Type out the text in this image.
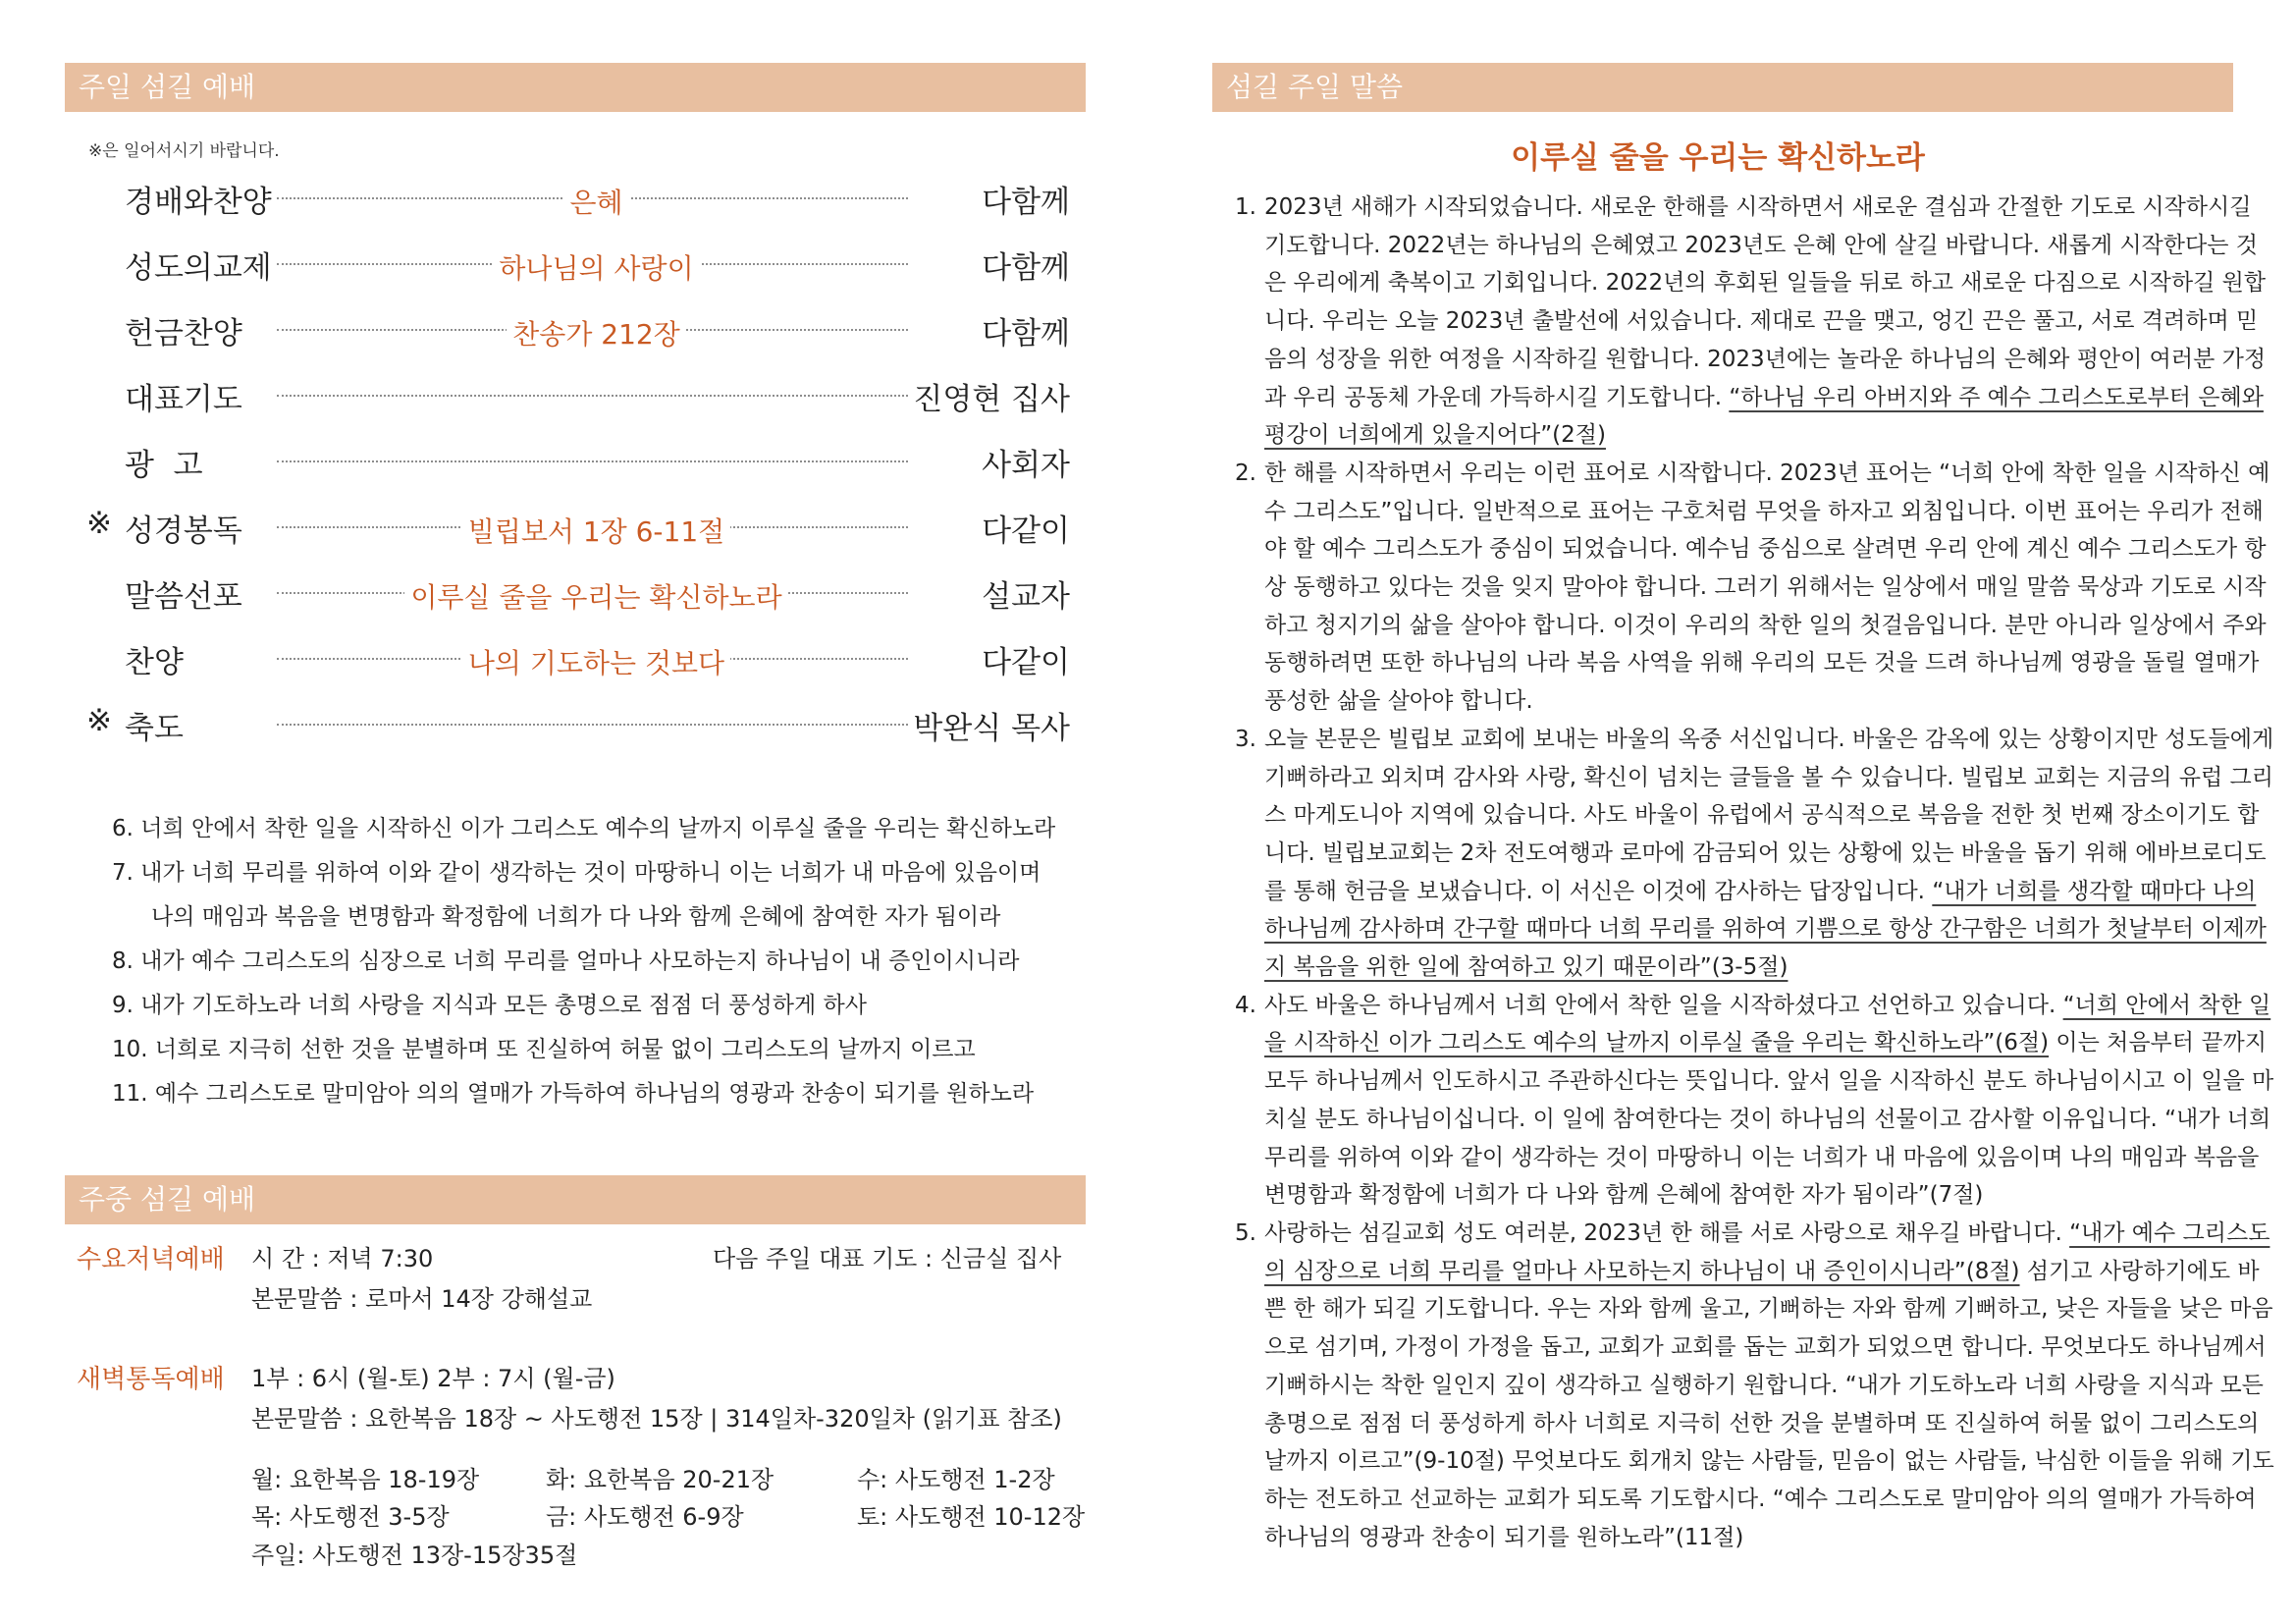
주일 섬길 예배
※은 일어서시기 바랍니다.
경배와찬양	은혜	다함께
성도의교제	하나님의 사랑이	다함께
헌금찬양	찬송가 212장	다함께
대표기도	진영현 집사
광  고	사회자
※ 성경봉독	빌립보서 1장 6-11절	다같이
말씀선포	이루실 줄을 우리는 확신하노라	설교자
찬양	나의 기도하는 것보다	다같이
※ 축도	박완식 목사
6. 너희 안에서 착한 일을 시작하신 이가 그리스도 예수의 날까지 이루실 줄을 우리는 확신하노라
7. 내가 너희 무리를 위하여 이와 같이 생각하는 것이 마땅하니 이는 너희가 내 마음에 있음이며
나의 매임과 복음을 변명함과 확정함에 너희가 다 나와 함께 은혜에 참여한 자가 됨이라
8. 내가 예수 그리스도의 심장으로 너희 무리를 얼마나 사모하는지 하나님이 내 증인이시니라
9. 내가 기도하노라 너희 사랑을 지식과 모든 총명으로 점점 더 풍성하게 하사
10. 너희로 지극히 선한 것을 분별하며 또 진실하여 허물 없이 그리스도의 날까지 이르고
11. 예수 그리스도로 말미암아 의의 열매가 가득하여 하나님의 영광과 찬송이 되기를 원하노라
주중 섬길 예배
수요저녁예배 시 간 : 저녁 7:30
본문말씀 : 로마서 14장 강해설교
다음 주일 대표 기도 : 신금실 집사
새벽통독예배 1부 : 6시 (월-토) 2부 : 7시 (월-금)
본문말씀 : 요한복음 18장 ~ 사도행전 15장 | 314일차-320일차 (읽기표 참조)
월: 요한복음 18-19장	화: 요한복음 20-21장	수: 사도행전 1-2장
목: 사도행전 3-5장	금: 사도행전 6-9장	토: 사도행전 10-12장
주일: 사도행전 13장-15장35절
섬길 주일 말씀
이루실 줄을 우리는 확신하노라
1. 2023년 새해가 시작되었습니다. 새로운 한해를 시작하면서 새로운 결심과 간절한 기도로 시작하시길 기도합니다. 2022년는 하나님의 은혜였고 2023년도 은혜 안에 살길 바랍니다. 새롭게 시작한다는 것은 우리에게 축복이고 기회입니다. 2022년의 후회된 일들을 뒤로 하고 새로운 다짐으로 시작하길 원합니다. 우리는 오늘 2023년 출발선에 서있습니다. 제대로 끈을 맺고, 엉긴 끈은 풀고, 서로 격려하며 믿음의 성장을 위한 여정을 시작하길 원합니다. 2023년에는 놀라운 하나님의 은혜와 평안이 여러분 가정과 우리 공동체 가운데 가득하시길 기도합니다. “하나님 우리 아버지와 주 예수 그리스도로부터 은혜와 평강이 너희에게 있을지어다”(2절)
2. 한 해를 시작하면서 우리는 이런 표어로 시작합니다. 2023년 표어는 “너희 안에 착한 일을 시작하신 예수 그리스도”입니다. 일반적으로 표어는 구호처럼 무엇을 하자고 외침입니다. 이번 표어는 우리가 전해야 할 예수 그리스도가 중심이 되었습니다. 예수님 중심으로 살려면 우리 안에 계신 예수 그리스도가 항상 동행하고 있다는 것을 잊지 말아야 합니다. 그러기 위해서는 일상에서 매일 말씀 묵상과 기도로 시작하고 청지기의 삶을 살아야 합니다. 이것이 우리의 착한 일의 첫걸음입니다. 분만 아니라 일상에서 주와 동행하려면 또한 하나님의 나라 복음 사역을 위해 우리의 모든 것을 드려 하나님께 영광을 돌릴 열매가 풍성한 삶을 살아야 합니다.
3. 오늘 본문은 빌립보 교회에 보내는 바울의 옥중 서신입니다. 바울은 감옥에 있는 상황이지만 성도들에게 기뻐하라고 외치며 감사와 사랑, 확신이 넘치는 글들을 볼 수 있습니다. 빌립보 교회는 지금의 유럽 그리스 마게도니아 지역에 있습니다. 사도 바울이 유럽에서 공식적으로 복음을 전한 첫 번째 장소이기도 합니다. 빌립보교회는 2차 전도여행과 로마에 감금되어 있는 상황에 있는 바울을 돕기 위해 에바브로디도를 통해 헌금을 보냈습니다. 이 서신은 이것에 감사하는 답장입니다. “내가 너희를 생각할 때마다 나의 하나님께 감사하며 간구할 때마다 너희 무리를 위하여 기쁨으로 항상 간구함은 너희가 첫날부터 이제까지 복음을 위한 일에 참여하고 있기 때문이라”(3-5절)
4. 사도 바울은 하나님께서 너희 안에서 착한 일을 시작하셨다고 선언하고 있습니다. “너희 안에서 착한 일을 시작하신 이가 그리스도 예수의 날까지 이루실 줄을 우리는 확신하노라”(6절) 이는 처음부터 끝까지 모두 하나님께서 인도하시고 주관하신다는 뜻입니다. 앞서 일을 시작하신 분도 하나님이시고 이 일을 마치실 분도 하나님이십니다. 이 일에 참여한다는 것이 하나님의 선물이고 감사할 이유입니다. “내가 너희 무리를 위하여 이와 같이 생각하는 것이 마땅하니 이는 너희가 내 마음에 있음이며 나의 매임과 복음을 변명함과 확정함에 너희가 다 나와 함께 은혜에 참여한 자가 됨이라”(7절)
5. 사랑하는 섬길교회 성도 여러분, 2023년 한 해를 서로 사랑으로 채우길 바랍니다. “내가 예수 그리스도의 심장으로 너희 무리를 얼마나 사모하는지 하나님이 내 증인이시니라”(8절) 섬기고 사랑하기에도 바쁜 한 해가 되길 기도합니다. 우는 자와 함께 울고, 기뻐하는 자와 함께 기뻐하고, 낮은 자들을 낮은 마음으로 섬기며, 가정이 가정을 돕고, 교회가 교회를 돕는 교회가 되었으면 합니다. 무엇보다도 하나님께서 기뻐하시는 착한 일인지 깊이 생각하고 실행하기 원합니다. “내가 기도하노라 너희 사랑을 지식과 모든 총명으로 점점 더 풍성하게 하사 너희로 지극히 선한 것을 분별하며 또 진실하여 허물 없이 그리스도의 날까지 이르고”(9-10절) 무엇보다도 회개치 않는 사람들, 믿음이 없는 사람들, 낙심한 이들을 위해 기도하는 전도하고 선교하는 교회가 되도록 기도합시다. “예수 그리스도로 말미암아 의의 열매가 가득하여 하나님의 영광과 찬송이 되기를 원하노라”(11절)
